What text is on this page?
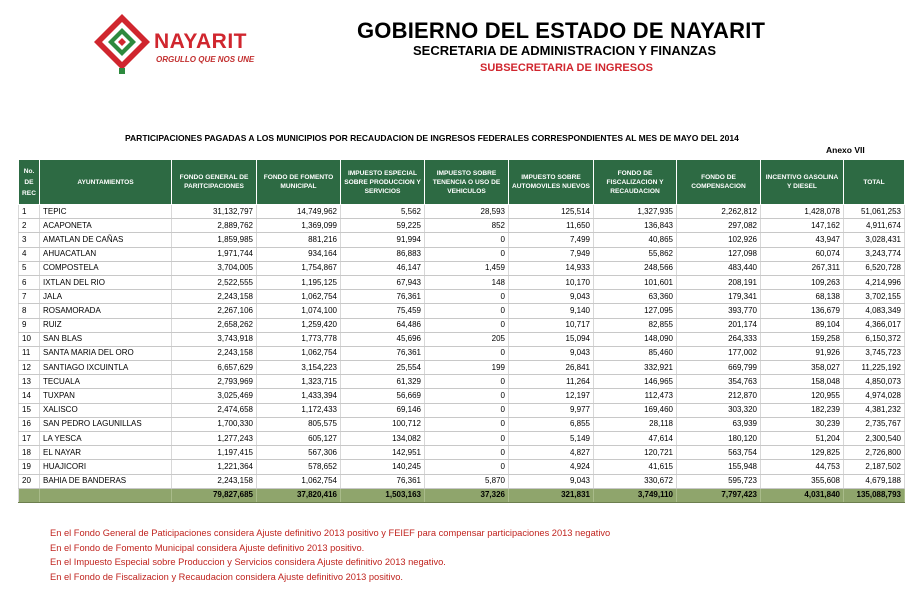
NAYARIT
ORGULLO QUE NOS UNE
GOBIERNO DEL ESTADO DE NAYARIT
SECRETARIA DE ADMINISTRACION Y FINANZAS
SUBSECRETARIA DE INGRESOS
PARTICIPACIONES PAGADAS A LOS MUNICIPIOS POR RECAUDACION DE INGRESOS FEDERALES CORRESPONDIENTES AL MES DE MAYO DEL 2014
Anexo VII
No.
DE
REC	AYUNTAMIENTOS	FONDO GENERAL DE PARITCIPACIONES	FONDO DE FOMENTO MUNICIPAL	IMPUESTO ESPECIAL SOBRE PRODUCCION Y SERVICIOS	IMPUESTO SOBRE TENENCIA O USO DE VEHICULOS	IMPUESTO SOBRE AUTOMOVILES NUEVOS	FONDO DE FISCALIZACION Y RECAUDACION	FONDO DE COMPENSACION	INCENTIVO GASOLINA Y DIESEL	TOTAL
1	TEPIC	31,132,797	14,749,962	5,562	28,593	125,514	1,327,935	2,262,812	1,428,078	51,061,253
2	ACAPONETA	2,889,762	1,369,099	59,225	852	11,650	136,843	297,082	147,162	4,911,674
3	AMATLAN DE CAÑAS	1,859,985	881,216	91,994	0	7,499	40,865	102,926	43,947	3,028,431
4	AHUACATLAN	1,971,744	934,164	86,883	0	7,949	55,862	127,098	60,074	3,243,774
5	COMPOSTELA	3,704,005	1,754,867	46,147	1,459	14,933	248,566	483,440	267,311	6,520,728
6	IXTLAN DEL RIO	2,522,555	1,195,125	67,943	148	10,170	101,601	208,191	109,263	4,214,996
7	JALA	2,243,158	1,062,754	76,361	0	9,043	63,360	179,341	68,138	3,702,155
8	ROSAMORADA	2,267,106	1,074,100	75,459	0	9,140	127,095	393,770	136,679	4,083,349
9	RUIZ	2,658,262	1,259,420	64,486	0	10,717	82,855	201,174	89,104	4,366,017
10	SAN BLAS	3,743,918	1,773,778	45,696	205	15,094	148,090	264,333	159,258	6,150,372
11	SANTA MARIA DEL ORO	2,243,158	1,062,754	76,361	0	9,043	85,460	177,002	91,926	3,745,723
12	SANTIAGO IXCUINTLA	6,657,629	3,154,223	25,554	199	26,841	332,921	669,799	358,027	11,225,192
13	TECUALA	2,793,969	1,323,715	61,329	0	11,264	146,965	354,763	158,048	4,850,073
14	TUXPAN	3,025,469	1,433,394	56,669	0	12,197	112,473	212,870	120,955	4,974,028
15	XALISCO	2,474,658	1,172,433	69,146	0	9,977	169,460	303,320	182,239	4,381,232
16	SAN PEDRO LAGUNILLAS	1,700,330	805,575	100,712	0	6,855	28,118	63,939	30,239	2,735,767
17	LA YESCA	1,277,243	605,127	134,082	0	5,149	47,614	180,120	51,204	2,300,540
18	EL NAYAR	1,197,415	567,306	142,951	0	4,827	120,721	563,754	129,825	2,726,800
19	HUAJICORI	1,221,364	578,652	140,245	0	4,924	41,615	155,948	44,753	2,187,502
20	BAHIA DE BANDERAS	2,243,158	1,062,754	76,361	5,870	9,043	330,672	595,723	355,608	4,679,188
		79,827,685	37,820,416	1,503,163	37,326	321,831	3,749,110	7,797,423	4,031,840	135,088,793
En el Fondo General de Paticipaciones considera Ajuste definitivo 2013 positivo y FEIEF para compensar participaciones 2013 negativo
En el Fondo de Fomento Municipal considera Ajuste definitivo 2013 positivo.
En el Impuesto Especial sobre Produccion y Servicios considera Ajuste definitivo 2013 negativo.
En el Fondo de Fiscalizacion y Recaudacion considera Ajuste definitivo 2013 positivo.
